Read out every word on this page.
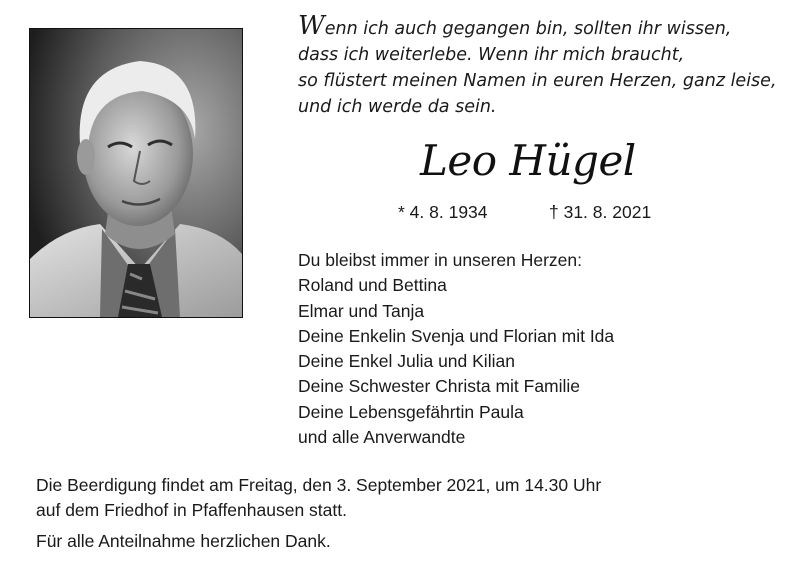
Wenn ich auch gegangen bin, sollten ihr wissen,
dass ich weiterlebe. Wenn ihr mich braucht,
so flüstert meinen Namen in euren Herzen, ganz leise,
und ich werde da sein.
Leo Hügel
* 4. 8. 1934	† 31. 8. 2021
Du bleibst immer in unseren Herzen:
Roland und Bettina
Elmar und Tanja
Deine Enkelin Svenja und Florian mit Ida
Deine Enkel Julia und Kilian
Deine Schwester Christa mit Familie
Deine Lebensgefährtin Paula
und alle Anverwandte
Die Beerdigung findet am Freitag, den 3. September 2021, um 14.30 Uhr
auf dem Friedhof in Pfaffenhausen statt.
Für alle Anteilnahme herzlichen Dank.
